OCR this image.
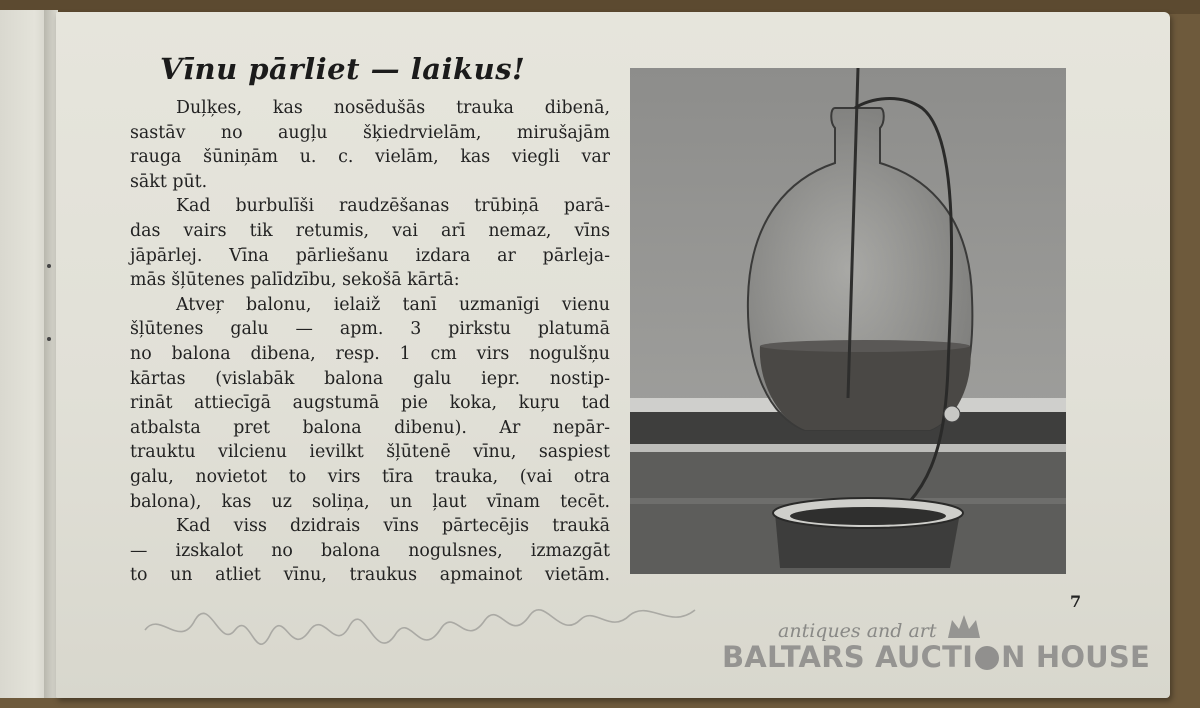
Vīnu pārliet — laikus!
Duļķes, kas nosēdušās trauka dibenā,
sastāv no augļu šķiedrvielām, mirušajām
rauga šūniņām u. c. vielām, kas viegli var
sākt pūt.
Kad burbulīši raudzēšanas trūbiņā parā-
das vairs tik retumis, vai arī nemaz, vīns
jāpārlej. Vīna pārliešanu izdara ar pārleja-
mās šļūtenes palīdzību, sekošā kārtā:
Atveŗ balonu, ielaiž tanī uzmanīgi vienu
šļūtenes galu — apm. 3 pirkstu platumā
no balona dibena, resp. 1 cm virs nogulšņu
kārtas (vislabāk balona galu iepr. nostip-
rināt attiecīgā augstumā pie koka, kuŗu tad
atbalsta pret balona dibenu). Ar nepār-
trauktu vilcienu ievilkt šļūtenē vīnu, saspiest
galu, novietot to virs tīra trauka, (vai otra
balona), kas uz soliņa, un ļaut vīnam tecēt.
Kad viss dzidrais vīns pārtecējis traukā
— izskalot no balona nogulsnes, izmazgāt
to un atliet vīnu, traukus apmainot vietām.
7
antiques and art
BALTARS AUCTI N HOUSE
